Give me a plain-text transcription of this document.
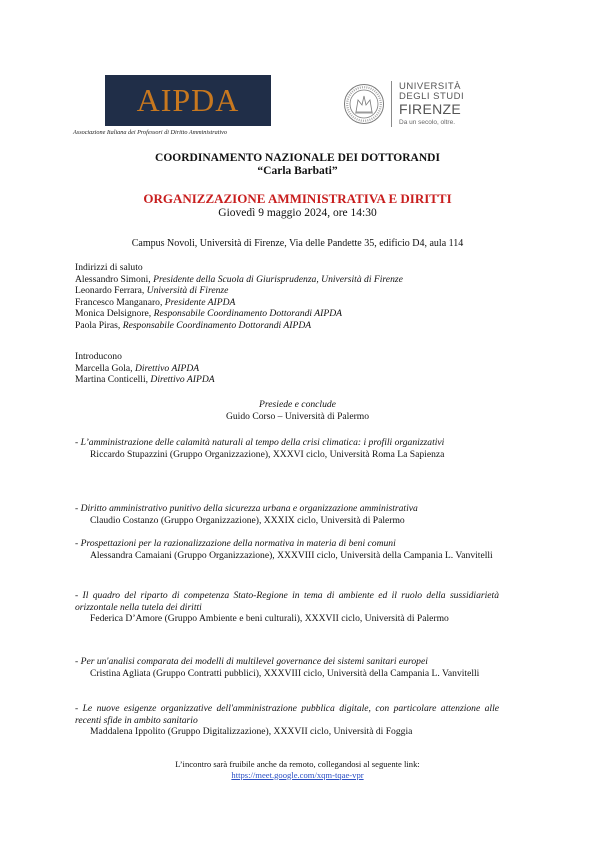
AIPDA
Associazione Italiana dei Professori di Diritto Amministrativo
UNIVERSITÀ
DEGLI STUDI
FIRENZE
Da un secolo, oltre.
COORDINAMENTO NAZIONALE DEI DOTTORANDI
“Carla Barbati”
ORGANIZZAZIONE AMMINISTRATIVA E DIRITTI
Giovedì 9 maggio 2024, ore 14:30
Campus Novoli, Università di Firenze, Via delle Pandette 35, edificio D4, aula 114
Indirizzi di saluto
Alessandro Simoni, Presidente della Scuola di Giurisprudenza, Università di Firenze
Leonardo Ferrara, Università di Firenze
Francesco Manganaro, Presidente AIPDA
Monica Delsignore, Responsabile Coordinamento Dottorandi AIPDA
Paola Piras, Responsabile Coordinamento Dottorandi AIPDA
Introducono
Marcella Gola, Direttivo AIPDA
Martina Conticelli, Direttivo AIPDA
Presiede e conclude
Guido Corso – Università di Palermo
- L’amministrazione delle calamità naturali al tempo della crisi climatica: i profili organizzativi
Riccardo Stupazzini (Gruppo Organizzazione), XXXVI ciclo, Università Roma La Sapienza
- Diritto amministrativo punitivo della sicurezza urbana e organizzazione amministrativa
Claudio Costanzo (Gruppo Organizzazione), XXXIX ciclo, Università di Palermo
- Prospettazioni per la razionalizzazione della normativa in materia di beni comuni
Alessandra Camaiani (Gruppo Organizzazione), XXXVIII ciclo, Università della Campania L. Vanvitelli
- Il quadro del riparto di competenza Stato-Regione in tema di ambiente ed il ruolo della sussidiarietà orizzontale nella tutela dei diritti
Federica D’Amore (Gruppo Ambiente e beni culturali), XXXVII ciclo, Università di Palermo
- Per un'analisi comparata dei modelli di multilevel governance dei sistemi sanitari europei
Cristina Agliata (Gruppo Contratti pubblici), XXXVIII ciclo, Università della Campania L. Vanvitelli
- Le nuove esigenze organizzative dell'amministrazione pubblica digitale, con particolare attenzione alle recenti sfide in ambito sanitario
Maddalena Ippolito (Gruppo Digitalizzazione), XXXVII ciclo, Università di Foggia
L’incontro sarà fruibile anche da remoto, collegandosi al seguente link:
https://meet.google.com/xqm-tqae-vpr
